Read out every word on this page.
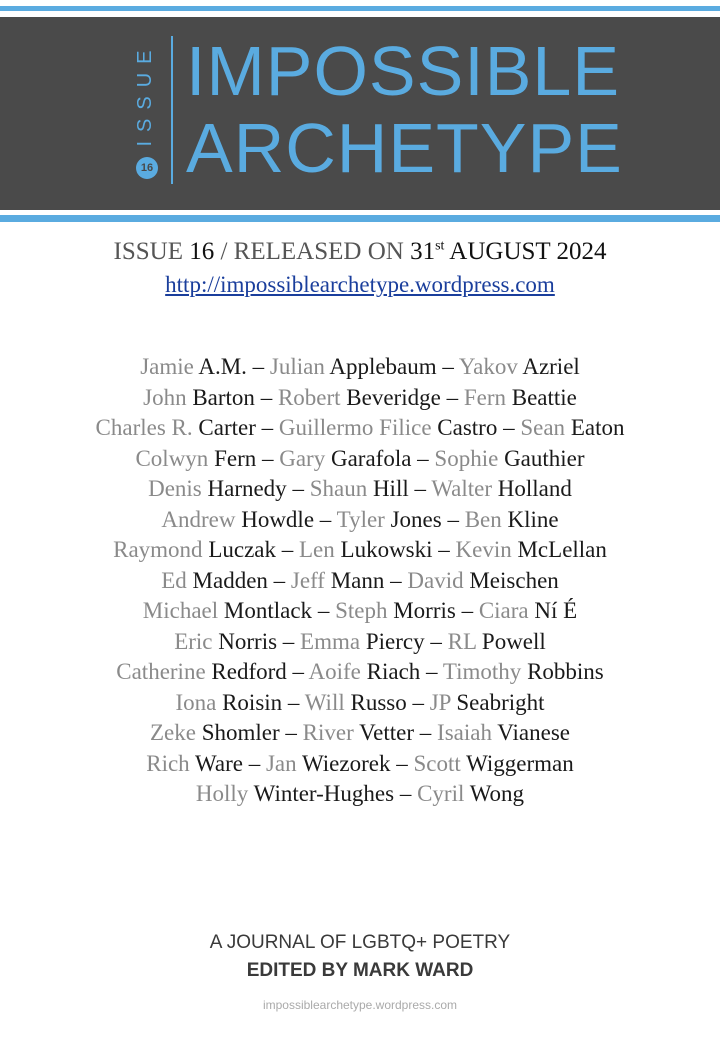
ISSUE
16
IMPOSSIBLE
ARCHETYPE
ISSUE 16 / RELEASED ON 31st AUGUST 2024
http://impossiblearchetype.wordpress.com
Jamie A.M. – Julian Applebaum – Yakov Azriel
John Barton – Robert Beveridge – Fern Beattie
Charles R. Carter – Guillermo Filice Castro – Sean Eaton
Colwyn Fern – Gary Garafola – Sophie Gauthier
Denis Harnedy – Shaun Hill – Walter Holland
Andrew Howdle – Tyler Jones – Ben Kline
Raymond Luczak – Len Lukowski – Kevin McLellan
Ed Madden – Jeff Mann – David Meischen
Michael Montlack – Steph Morris – Ciara Ní É
Eric Norris – Emma Piercy – RL Powell
Catherine Redford – Aoife Riach – Timothy Robbins
Iona Roisin – Will Russo – JP Seabright
Zeke Shomler – River Vetter – Isaiah Vianese
Rich Ware – Jan Wiezorek – Scott Wiggerman
Holly Winter-Hughes – Cyril Wong
A JOURNAL OF LGBTQ+ POETRY
EDITED BY MARK WARD
impossiblearchetype.wordpress.com
